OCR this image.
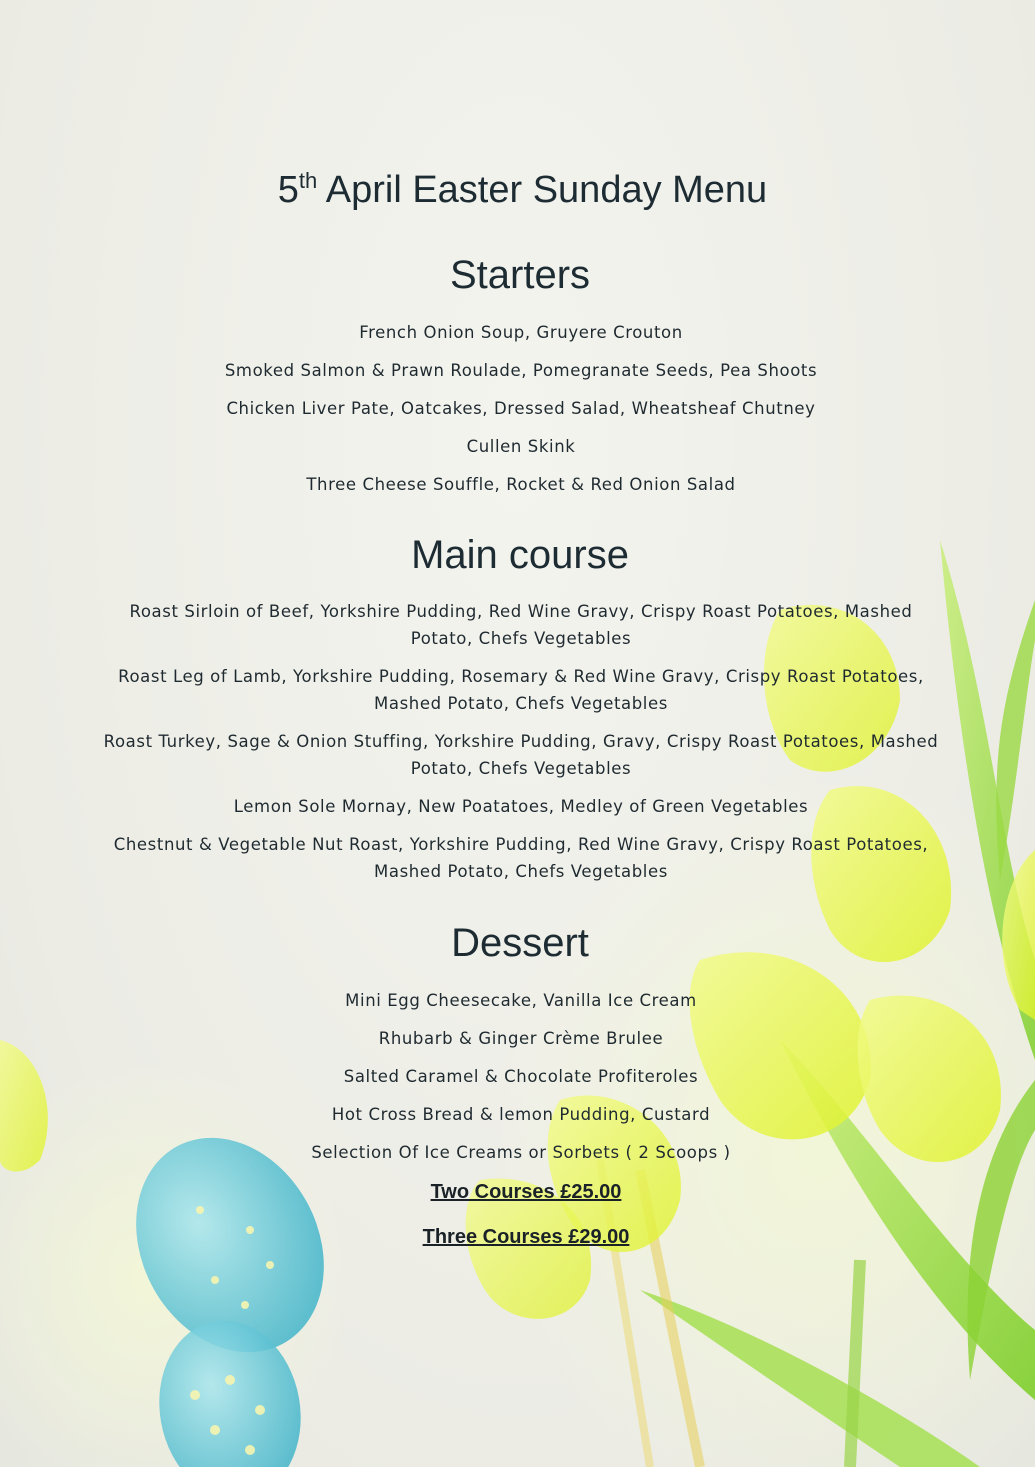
5th April Easter Sunday Menu
Starters
French Onion Soup, Gruyere Crouton
Smoked Salmon & Prawn Roulade, Pomegranate Seeds, Pea Shoots
Chicken Liver Pate, Oatcakes, Dressed Salad, Wheatsheaf Chutney
Cullen Skink
Three Cheese Souffle, Rocket & Red Onion Salad
Main course
Roast Sirloin of Beef, Yorkshire Pudding, Red Wine Gravy, Crispy Roast Potatoes, Mashed Potato, Chefs Vegetables
Roast Leg of Lamb, Yorkshire Pudding, Rosemary & Red Wine Gravy, Crispy Roast Potatoes, Mashed Potato, Chefs Vegetables
Roast Turkey, Sage & Onion Stuffing, Yorkshire Pudding, Gravy, Crispy Roast Potatoes, Mashed Potato, Chefs Vegetables
Lemon Sole Mornay, New Poatatoes, Medley of Green Vegetables
Chestnut & Vegetable Nut Roast, Yorkshire Pudding, Red Wine Gravy, Crispy Roast Potatoes, Mashed Potato, Chefs Vegetables
Dessert
Mini Egg Cheesecake, Vanilla Ice Cream
Rhubarb & Ginger Crème Brulee
Salted Caramel & Chocolate Profiteroles
Hot Cross Bread & lemon Pudding, Custard
Selection Of Ice Creams or Sorbets ( 2 Scoops )
Two Courses £25.00
Three Courses £29.00
